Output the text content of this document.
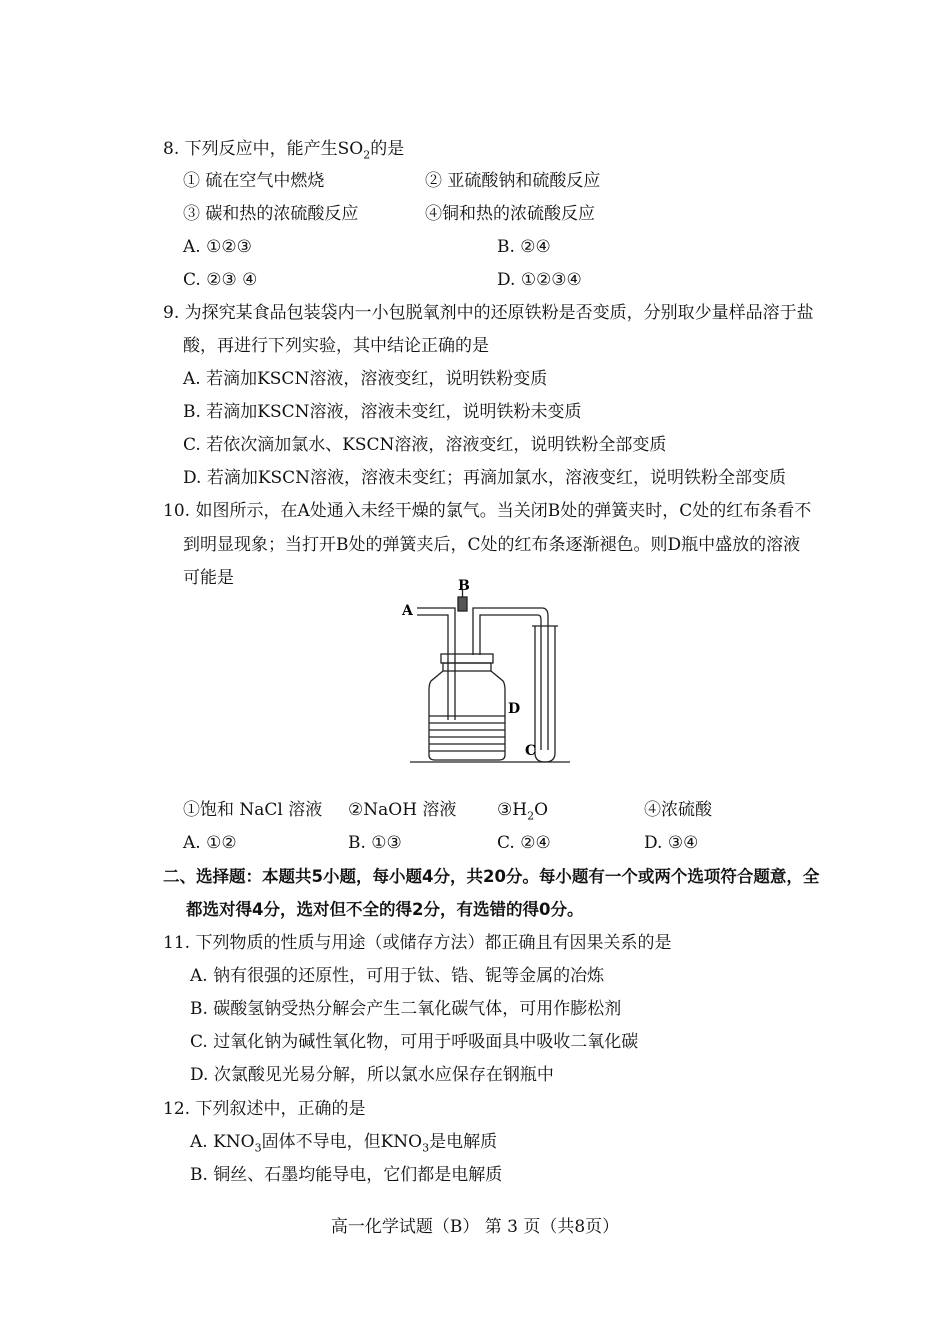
8. 下列反应中，能产生$SO_2$的是
① 硫在空气中燃烧	② 亚硫酸钠和硫酸反应
③ 碳和热的浓硫酸反应	④铜和热的浓硫酸反应
A. ①②③	B. ②④
C. ②③ ④	D. ①②③④
9. 为探究某食品包装袋内一小包脱氧剂中的还原铁粉是否变质，分别取少量样品溶于盐
酸，再进行下列实验，其中结论正确的是
A. 若滴加KSCN溶液，溶液变红，说明铁粉变质
B. 若滴加KSCN溶液，溶液未变红，说明铁粉未变质
C. 若依次滴加氯水、KSCN溶液，溶液变红，说明铁粉全部变质
D. 若滴加KSCN溶液，溶液未变红；再滴加氯水，溶液变红，说明铁粉全部变质
10. 如图所示，在A处通入未经干燥的氯气。当关闭B处的弹簧夹时，C处的红布条看不
到明显现象；当打开B处的弹簧夹后，C处的红布条逐渐褪色。则D瓶中盛放的溶液
可能是
A
B
D
C
①饱和 NaCl 溶液 ②NaOH 溶液 $③H_2O$	④浓硫酸
A. ①②	B. ①③	C. ②④	D. ③④
二、选择题：本题共5小题，每小题4分，共20分。每小题有一个或两个选项符合题意，全
都选对得4分，选对但不全的得2分，有选错的得0分。
11. 下列物质的性质与用途（或储存方法）都正确且有因果关系的是
A. 钠有很强的还原性，可用于钛、锆、铌等金属的冶炼
B. 碳酸氢钠受热分解会产生二氧化碳气体，可用作膨松剂
C. 过氧化钠为碱性氧化物，可用于呼吸面具中吸收二氧化碳
D. 次氯酸见光易分解，所以氯水应保存在钢瓶中
12. 下列叙述中，正确的是
A. $KNO_3$固体不导电，但$KNO_3$是电解质
B. 铜丝、石墨均能导电，它们都是电解质
高一化学试题（B） 第 3 页（共8页）
